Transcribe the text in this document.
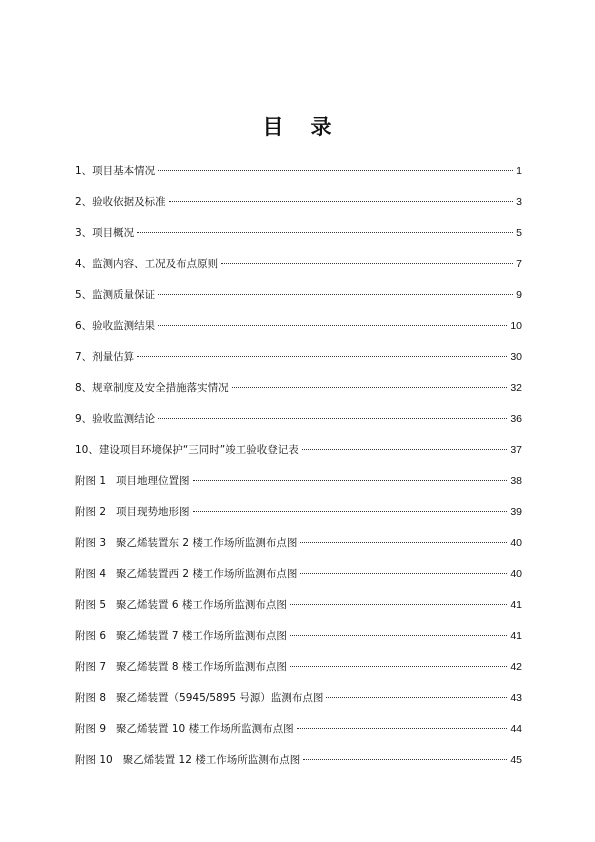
目 录
1、项目基本情况	1
2、验收依据及标准	3
3、项目概况	5
4、监测内容、工况及布点原则	7
5、监测质量保证	9
6、验收监测结果	10
7、剂量估算	30
8、规章制度及安全措施落实情况	32
9、验收监测结论	36
10、建设项目环境保护“三同时”竣工验收登记表	37
附图 1 项目地理位置图	38
附图 2 项目现势地形图	39
附图 3 聚乙烯装置东 2 楼工作场所监测布点图	40
附图 4 聚乙烯装置西 2 楼工作场所监测布点图	40
附图 5 聚乙烯装置 6 楼工作场所监测布点图	41
附图 6 聚乙烯装置 7 楼工作场所监测布点图	41
附图 7 聚乙烯装置 8 楼工作场所监测布点图	42
附图 8 聚乙烯装置（5945/5895 号源）监测布点图	43
附图 9 聚乙烯装置 10 楼工作场所监测布点图	44
附图 10 聚乙烯装置 12 楼工作场所监测布点图	45
